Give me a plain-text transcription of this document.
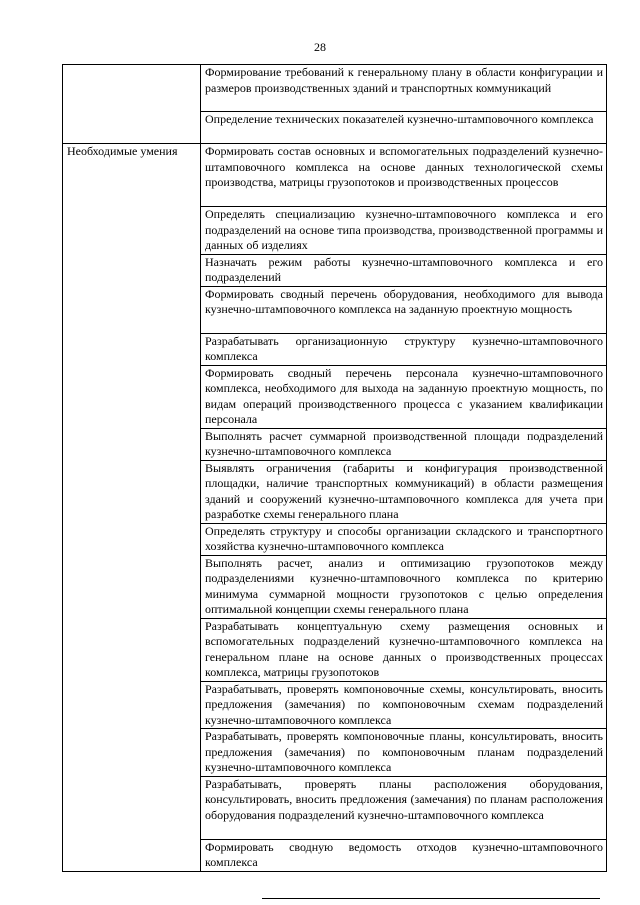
28
	Формирование требований к генеральному плану в области конфигурации и размеров производственных зданий и транспортных коммуникаций
	Определение технических показателей кузнечно-штамповочного комплекса
Необходимые умения	Формировать состав основных и вспомогательных подразделений кузнечно-штамповочного комплекса на основе данных технологической схемы производства, матрицы грузопотоков и производственных процессов
	Определять специализацию кузнечно-штамповочного комплекса и его подразделений на основе типа производства, производственной программы и данных об изделиях
	Назначать режим работы кузнечно-штамповочного комплекса и его подразделений
	Формировать сводный перечень оборудования, необходимого для вывода кузнечно-штамповочного комплекса на заданную проектную мощность
	Разрабатывать организационную структуру кузнечно-штамповочного комплекса
	Формировать сводный перечень персонала кузнечно-штамповочного комплекса, необходимого для выхода на заданную проектную мощность, по видам операций производственного процесса с указанием квалификации персонала
	Выполнять расчет суммарной производственной площади подразделений кузнечно-штамповочного комплекса
	Выявлять ограничения (габариты и конфигурация производственной площадки, наличие транспортных коммуникаций) в области размещения зданий и сооружений кузнечно-штамповочного комплекса для учета при разработке схемы генерального плана
	Определять структуру и способы организации складского и транспортного хозяйства кузнечно-штамповочного комплекса
	Выполнять расчет, анализ и оптимизацию грузопотоков между подразделениями кузнечно-штамповочного комплекса по критерию минимума суммарной мощности грузопотоков с целью определения оптимальной концепции схемы генерального плана
	Разрабатывать концептуальную схему размещения основных и вспомогательных подразделений кузнечно-штамповочного комплекса на генеральном плане на основе данных о производственных процессах комплекса, матрицы грузопотоков
	Разрабатывать, проверять компоновочные схемы, консультировать, вносить предложения (замечания) по компоновочным схемам подразделений кузнечно-штамповочного комплекса
	Разрабатывать, проверять компоновочные планы, консультировать, вносить предложения (замечания) по компоновочным планам подразделений кузнечно-штамповочного комплекса
	Разрабатывать, проверять планы расположения оборудования, консультировать, вносить предложения (замечания) по планам расположения оборудования подразделений кузнечно-штамповочного комплекса
	Формировать сводную ведомость отходов кузнечно-штамповочного комплекса
